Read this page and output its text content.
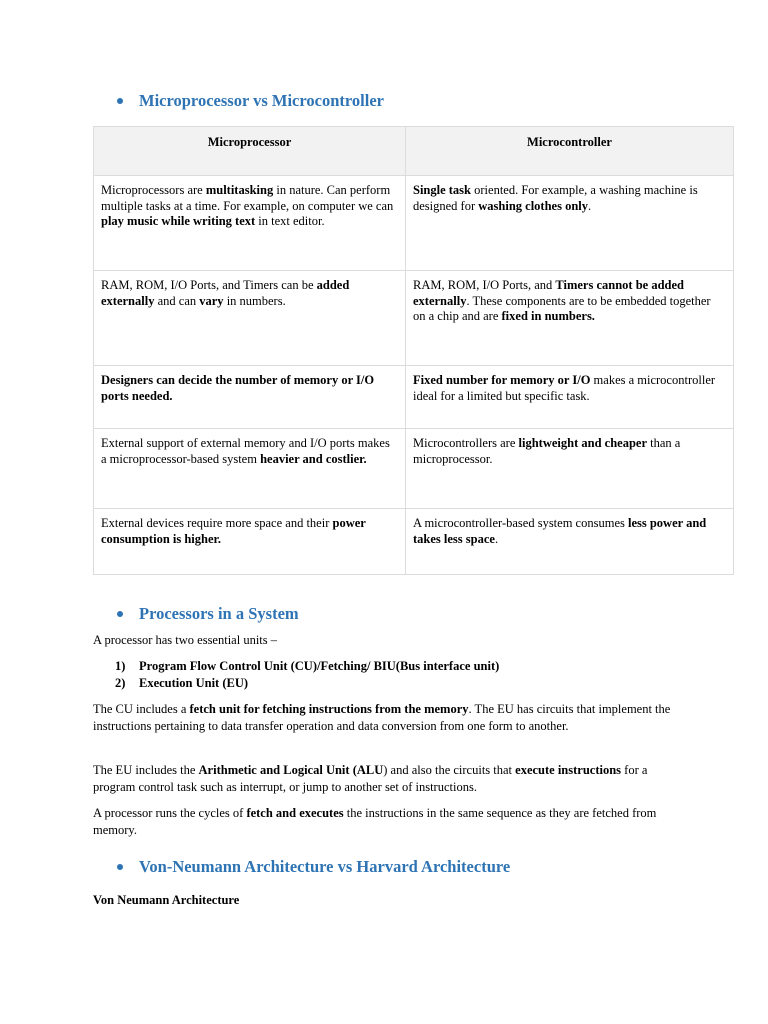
Microprocessor vs Microcontroller
Microprocessor	Microcontroller
Microprocessors are multitasking in nature. Can perform multiple tasks at a time. For example, on computer we can play music while writing text in text editor.	Single task oriented. For example, a washing machine is designed for washing clothes only.
RAM, ROM, I/O Ports, and Timers can be added externally and can vary in numbers.	RAM, ROM, I/O Ports, and Timers cannot be added externally. These components are to be embedded together on a chip and are fixed in numbers.
Designers can decide the number of memory or I/O ports needed.	Fixed number for memory or I/O makes a microcontroller ideal for a limited but specific task.
External support of external memory and I/O ports makes a microprocessor-based system heavier and costlier.	Microcontrollers are lightweight and cheaper than a microprocessor.
External devices require more space and their power consumption is higher.	A microcontroller-based system consumes less power and takes less space.
Processors in a System
A processor has two essential units –
1)	Program Flow Control Unit (CU)/Fetching/ BIU(Bus interface unit)
2)	Execution Unit (EU)
The CU includes a fetch unit for fetching instructions from the memory. The EU has circuits that implement the instructions pertaining to data transfer operation and data conversion from one form to another.
The EU includes the Arithmetic and Logical Unit (ALU) and also the circuits that execute instructions for a program control task such as interrupt, or jump to another set of instructions.
A processor runs the cycles of fetch and executes the instructions in the same sequence as they are fetched from memory.
Von-Neumann Architecture vs Harvard Architecture
Von Neumann Architecture
